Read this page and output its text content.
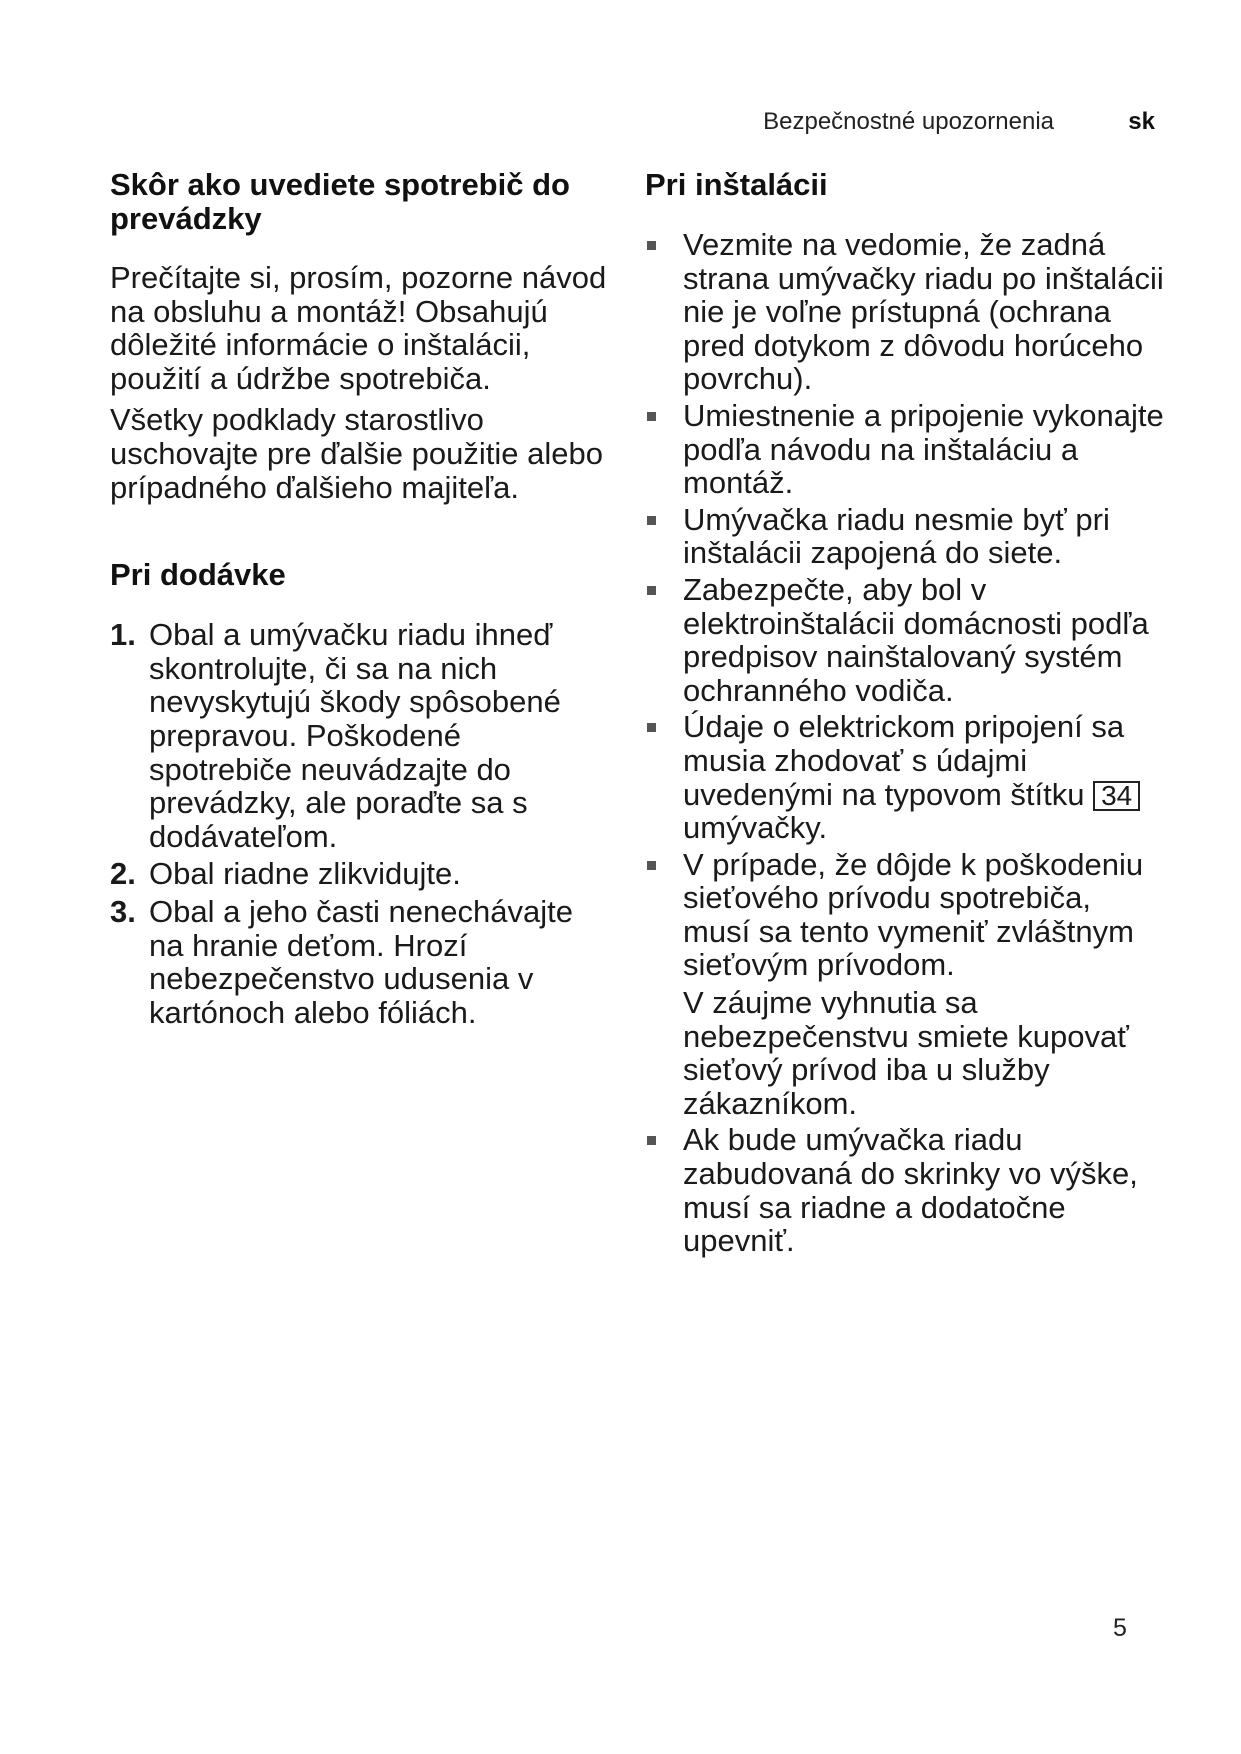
Bezpečnostné upozornenia	sk
Skôr ako uvediete spotrebič do prevádzky

Prečítajte si, prosím, pozorne návod na obsluhu a montáž! Obsahujú dôležité informácie o inštalácii, použití a údržbe spotrebiča.

Všetky podklady starostlivo uschovajte pre ďalšie použitie alebo prípadného ďalšieho majiteľa.

Pri dodávke
1. Obal a umývačku riadu ihneď skontrolujte, či sa na nich nevyskytujú škody spôsobené prepravou. Poškodené spotrebiče neuvádzajte do prevádzky, ale poraďte sa s dodávateľom.
2. Obal riadne zlikvidujte.
3. Obal a jeho časti nenechávajte na hranie deťom. Hrozí nebezpečenstvo udusenia v kartónoch alebo fóliách.
Pri inštalácii
Vezmite na vedomie, že zadná strana umývačky riadu po inštalácii nie je voľne prístupná (ochrana pred dotykom z dôvodu horúceho povrchu).
Umiestnenie a pripojenie vykonajte podľa návodu na inštaláciu a montáž.
Umývačka riadu nesmie byť pri inštalácii zapojená do siete.
Zabezpečte, aby bol v elektroinštalácii domácnosti podľa predpisov nainštalovaný systém ochranného vodiča.
Údaje o elektrickom pripojení sa musia zhodovať s údajmi uvedenými na typovom štítku 34 umývačky.
V prípade, že dôjde k poškodeniu sieťového prívodu spotrebiča, musí sa tento vymeniť zvláštnym sieťovým prívodom.

V záujme vyhnutia sa nebezpečenstvu smiete kupovať sieťový prívod iba u služby zákazníkom.

Ak bude umývačka riadu zabudovaná do skrinky vo výške, musí sa riadne a dodatočne upevniť.
5
